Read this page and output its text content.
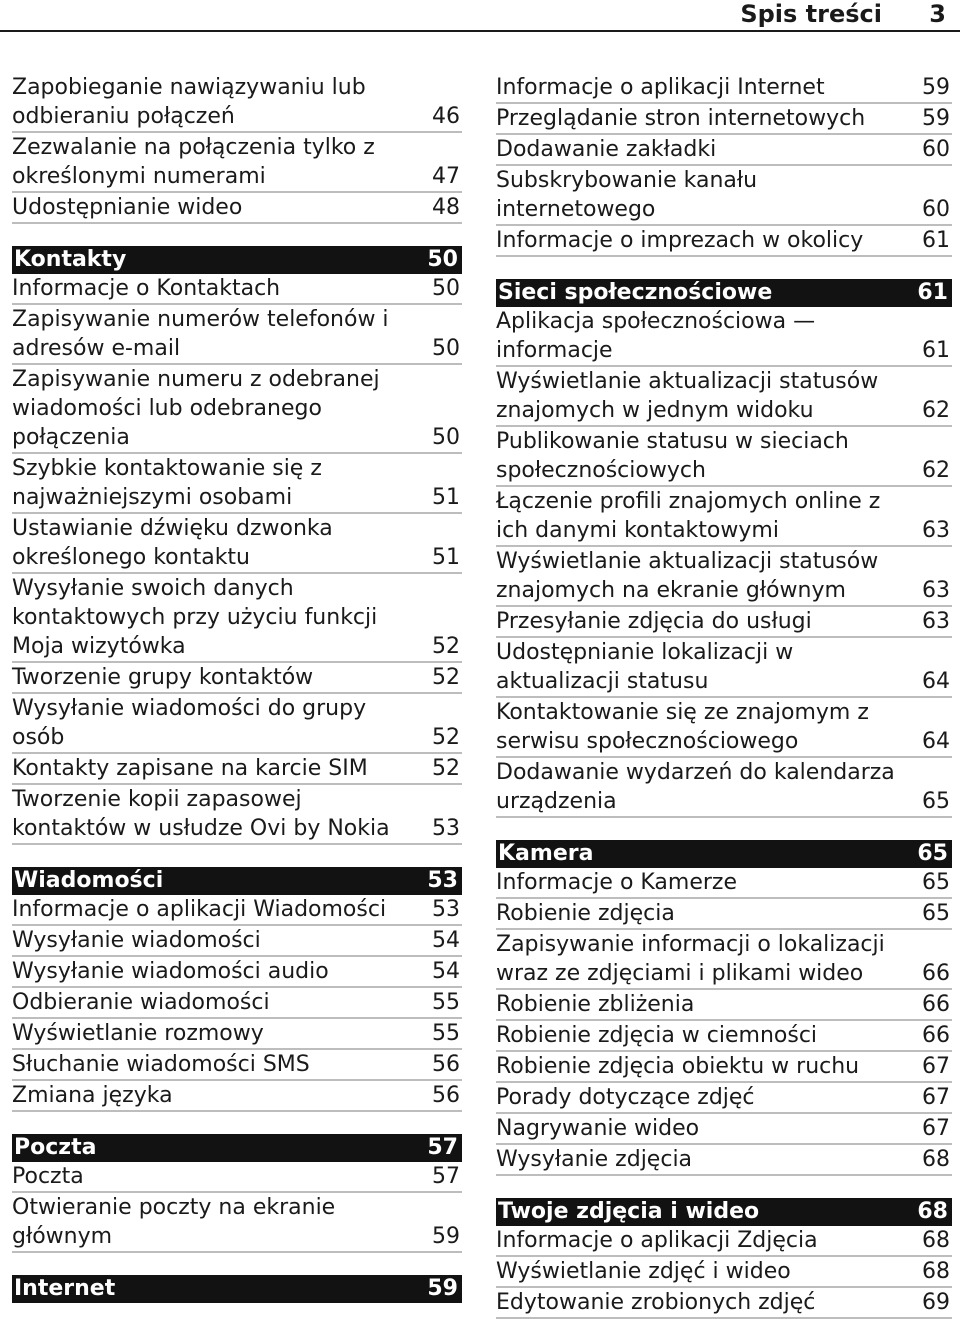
Spis treści 3
Zapobieganie nawiązywaniu lub odbieraniu połączeń	46
Zezwalanie na połączenia tylko z określonymi numerami	47
Udostępnianie wideo	48
Kontakty	50
Informacje o Kontaktach	50
Zapisywanie numerów telefonów i adresów e-mail	50
Zapisywanie numeru z odebranej wiadomości lub odebranego połączenia	50
Szybkie kontaktowanie się z najważniejszymi osobami	51
Ustawianie dźwięku dzwonka określonego kontaktu	51
Wysyłanie swoich danych kontaktowych przy użyciu funkcji Moja wizytówka	52
Tworzenie grupy kontaktów	52
Wysyłanie wiadomości do grupy osób	52
Kontakty zapisane na karcie SIM	52
Tworzenie kopii zapasowej kontaktów w usłudze Ovi by Nokia	53
Wiadomości	53
Informacje o aplikacji Wiadomości	53
Wysyłanie wiadomości	54
Wysyłanie wiadomości audio	54
Odbieranie wiadomości	55
Wyświetlanie rozmowy	55
Słuchanie wiadomości SMS	56
Zmiana języka	56
Poczta	57
Poczta	57
Otwieranie poczty na ekranie głównym	59
Internet	59
Informacje o aplikacji Internet	59
Przeglądanie stron internetowych	59
Dodawanie zakładki	60
Subskrybowanie kanału internetowego	60
Informacje o imprezach w okolicy	61
Sieci społecznościowe	61
Aplikacja społecznościowa — informacje	61
Wyświetlanie aktualizacji statusów znajomych w jednym widoku	62
Publikowanie statusu w sieciach społecznościowych	62
Łączenie profili znajomych online z ich danymi kontaktowymi	63
Wyświetlanie aktualizacji statusów znajomych na ekranie głównym	63
Przesyłanie zdjęcia do usługi	63
Udostępnianie lokalizacji w aktualizacji statusu	64
Kontaktowanie się ze znajomym z serwisu społecznościowego	64
Dodawanie wydarzeń do kalendarza urządzenia	65
Kamera	65
Informacje o Kamerze	65
Robienie zdjęcia	65
Zapisywanie informacji o lokalizacji wraz ze zdjęciami i plikami wideo	66
Robienie zbliżenia	66
Robienie zdjęcia w ciemności	66
Robienie zdjęcia obiektu w ruchu	67
Porady dotyczące zdjęć	67
Nagrywanie wideo	67
Wysyłanie zdjęcia	68
Twoje zdjęcia i wideo	68
Informacje o aplikacji Zdjęcia	68
Wyświetlanie zdjęć i wideo	68
Edytowanie zrobionych zdjęć	69
